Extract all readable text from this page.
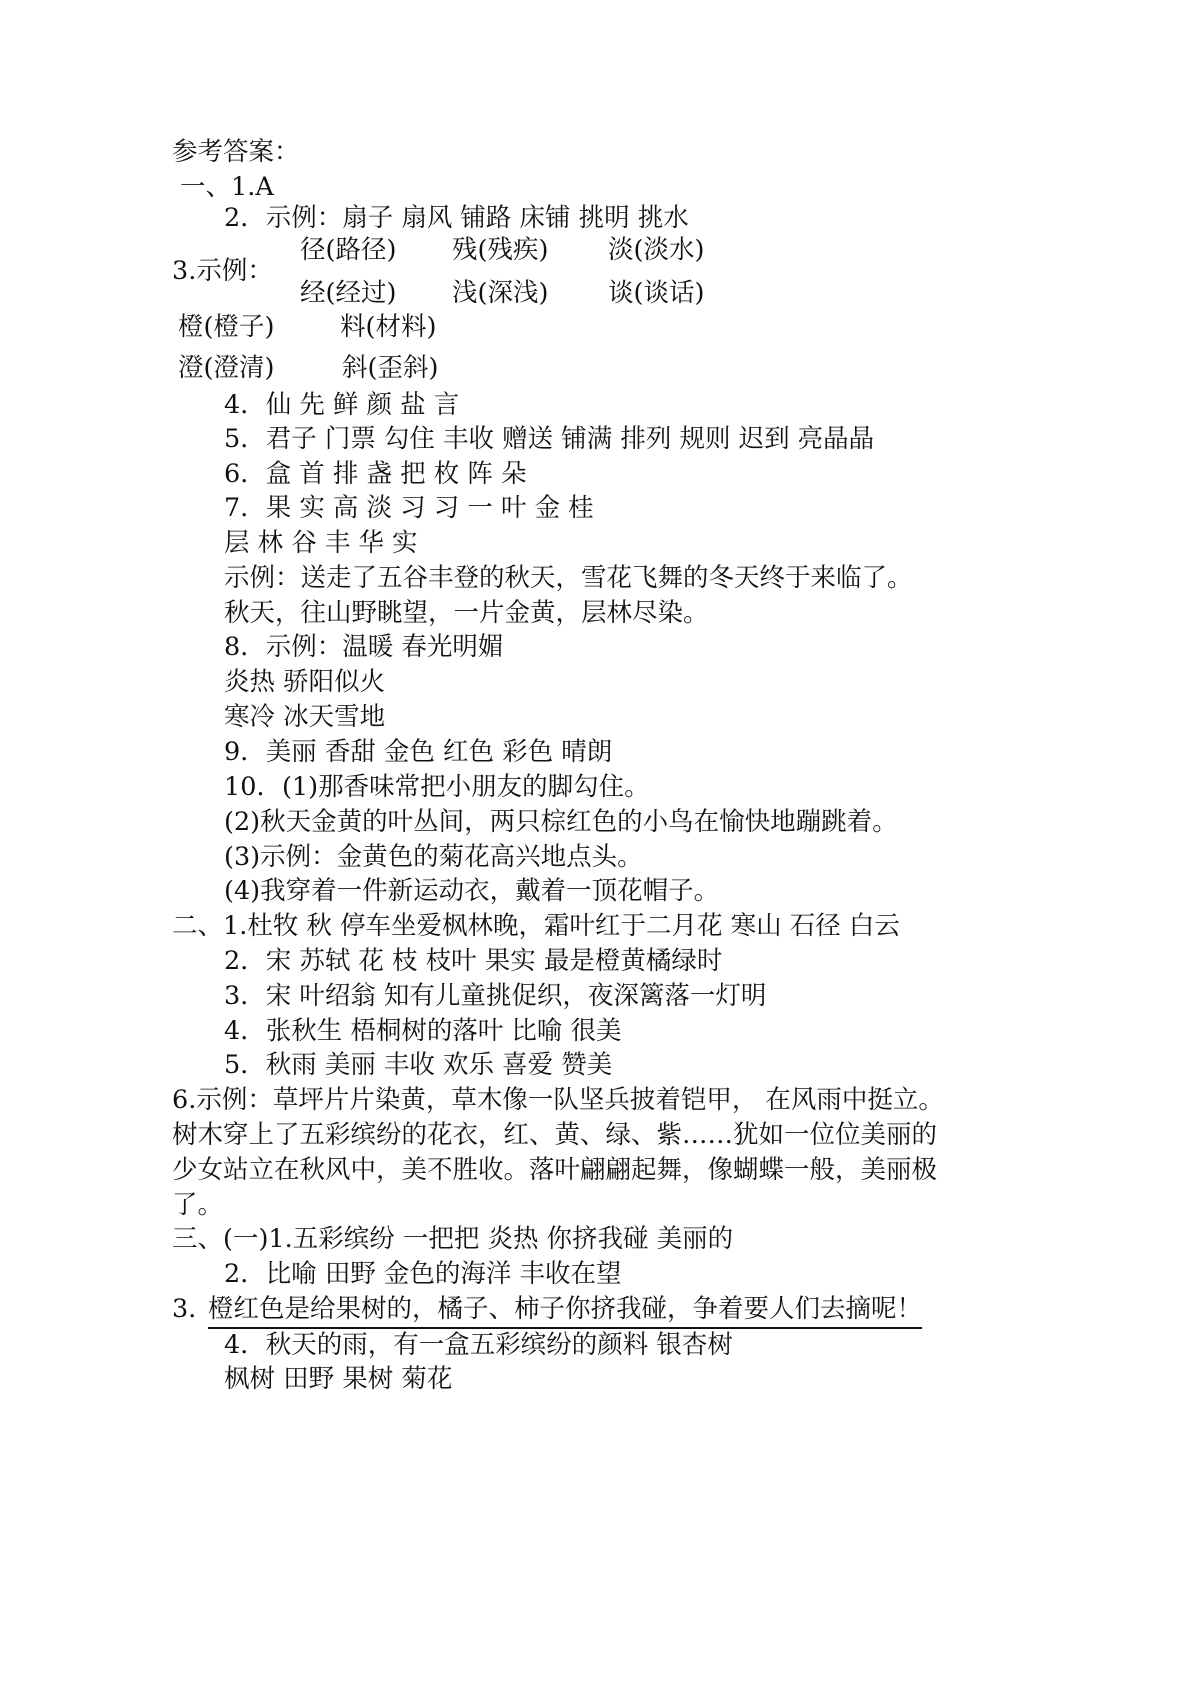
参考答案：
一、1.A
2．示例：扇子 扇风 铺路 床铺 挑明 挑水
3.示例：
径(路径) 残(残疾) 淡(淡水)
经(经过) 浅(深浅) 谈(谈话)
橙(橙子)	料(材料)
澄(澄清)	斜(歪斜)
4．仙 先 鲜 颜 盐 言
5．君子 门票 勾住 丰收 赠送 铺满 排列 规则 迟到 亮晶晶
6．盒 首 排 盏 把 枚 阵 朵
7．果 实 高 淡 习 习 一 叶 金 桂
层 林 谷 丰 华 实
示例：送走了五谷丰登的秋天，雪花飞舞的冬天终于来临了。
秋天，往山野眺望，一片金黄，层林尽染。
8．示例：温暖 春光明媚
炎热 骄阳似火
寒冷 冰天雪地
9．美丽 香甜 金色 红色 彩色 晴朗
10．(1)那香味常把小朋友的脚勾住。
(2)秋天金黄的叶丛间，两只棕红色的小鸟在愉快地蹦跳着。
(3)示例：金黄色的菊花高兴地点头。
(4)我穿着一件新运动衣，戴着一顶花帽子。
二、1.杜牧 秋 停车坐爱枫林晚，霜叶红于二月花 寒山 石径 白云
2．宋 苏轼 花 枝 枝叶 果实 最是橙黄橘绿时
3．宋 叶绍翁 知有儿童挑促织，夜深篱落一灯明
4．张秋生 梧桐树的落叶 比喻 很美
5．秋雨 美丽 丰收 欢乐 喜爱 赞美
6.示例：草坪片片染黄，草木像一队坚兵披着铠甲， 在风雨中挺立。
树木穿上了五彩缤纷的花衣，红、黄、绿、紫……犹如一位位美丽的
少女站立在秋风中，美不胜收。落叶翩翩起舞，像蝴蝶一般，美丽极
了。
三、(一)1.五彩缤纷 一把把 炎热 你挤我碰 美丽的
2．比喻 田野 金色的海洋 丰收在望
3．
橙红色是给果树的，橘子、柿子你挤我碰，争着要人们去摘呢！
4．秋天的雨，有一盒五彩缤纷的颜料 银杏树
枫树 田野 果树 菊花
